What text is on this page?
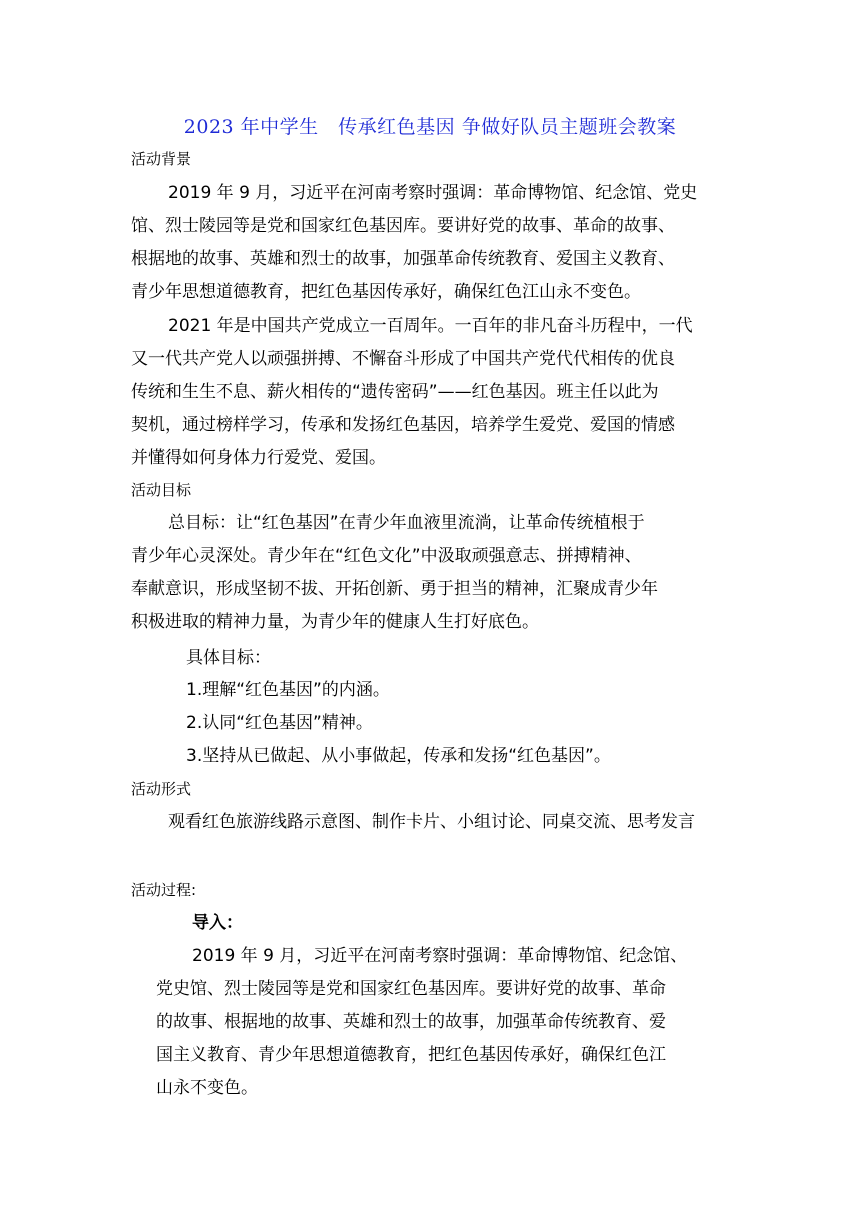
2023 年中学生　传承红色基因 争做好队员主题班会教案
活动背景
2019 年 9 月，习近平在河南考察时强调：革命博物馆、纪念馆、党史
馆、烈士陵园等是党和国家红色基因库。要讲好党的故事、革命的故事、
根据地的故事、英雄和烈士的故事，加强革命传统教育、爱国主义教育、
青少年思想道德教育，把红色基因传承好，确保红色江山永不变色。
2021 年是中国共产党成立一百周年。一百年的非凡奋斗历程中，一代
又一代共产党人以顽强拼搏、不懈奋斗形成了中国共产党代代相传的优良
传统和生生不息、薪火相传的“遗传密码”——红色基因。班主任以此为
契机，通过榜样学习，传承和发扬红色基因，培养学生爱党、爱国的情感
并懂得如何身体力行爱党、爱国。
活动目标
总目标：让“红色基因”在青少年血液里流淌，让革命传统植根于
青少年心灵深处。青少年在“红色文化”中汲取顽强意志、拼搏精神、
奉献意识，形成坚韧不拔、开拓创新、勇于担当的精神，汇聚成青少年
积极进取的精神力量，为青少年的健康人生打好底色。
具体目标：
1.理解“红色基因”的内涵。
2.认同“红色基因”精神。
3.坚持从已做起、从小事做起，传承和发扬“红色基因”。
活动形式
观看红色旅游线路示意图、制作卡片、小组讨论、同桌交流、思考发言
活动过程:
导入：
2019 年 9 月，习近平在河南考察时强调：革命博物馆、纪念馆、
党史馆、烈士陵园等是党和国家红色基因库。要讲好党的故事、革命
的故事、根据地的故事、英雄和烈士的故事，加强革命传统教育、爱
国主义教育、青少年思想道德教育，把红色基因传承好，确保红色江
山永不变色。
